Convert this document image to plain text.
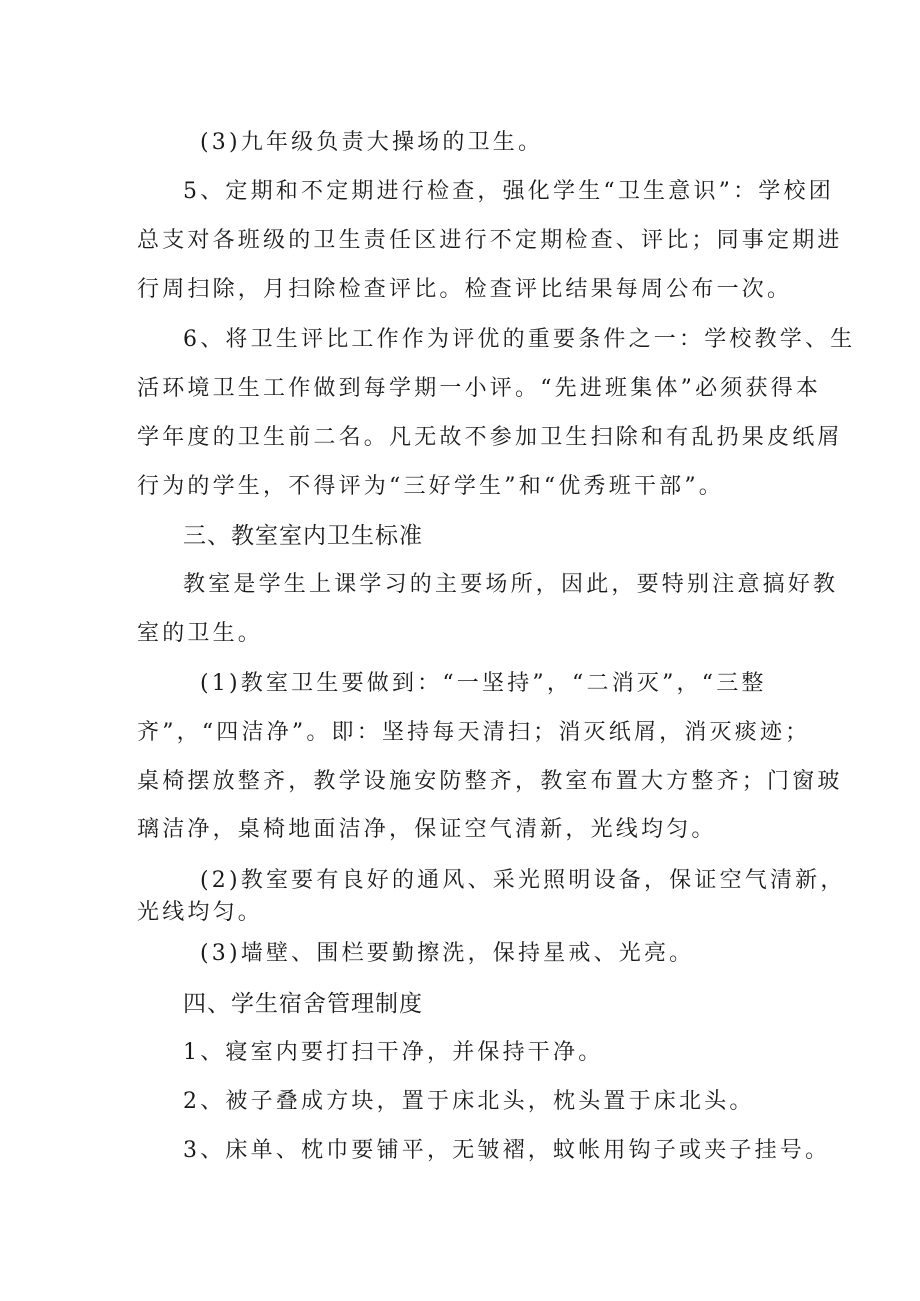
(3)九年级负责大操场的卫生。
5、定期和不定期进行检查，强化学生“卫生意识”：学校团
总支对各班级的卫生责任区进行不定期检查、评比；同事定期进
行周扫除，月扫除检查评比。检查评比结果每周公布一次。
6、将卫生评比工作作为评优的重要条件之一：学校教学、生
活环境卫生工作做到每学期一小评。“先进班集体”必须获得本
学年度的卫生前二名。凡无故不参加卫生扫除和有乱扔果皮纸屑
行为的学生，不得评为“三好学生”和“优秀班干部”。
三、教室室内卫生标准
教室是学生上课学习的主要场所，因此，要特别注意搞好教
室的卫生。
(1)教室卫生要做到：“一坚持”，“二消灭”，“三整
齐”，“四洁净”。即：坚持每天清扫；消灭纸屑，消灭痰迹；
桌椅摆放整齐，教学设施安防整齐，教室布置大方整齐；门窗玻
璃洁净，桌椅地面洁净，保证空气清新，光线均匀。
(2)教室要有良好的通风、采光照明设备，保证空气清新，
光线均匀。
(3)墙壁、围栏要勤擦洗，保持星戒、光亮。
四、学生宿舍管理制度
1、寝室内要打扫干净，并保持干净。
2、被子叠成方块，置于床北头，枕头置于床北头。
3、床单、枕巾要铺平，无皱褶，蚊帐用钩子或夹子挂号。
